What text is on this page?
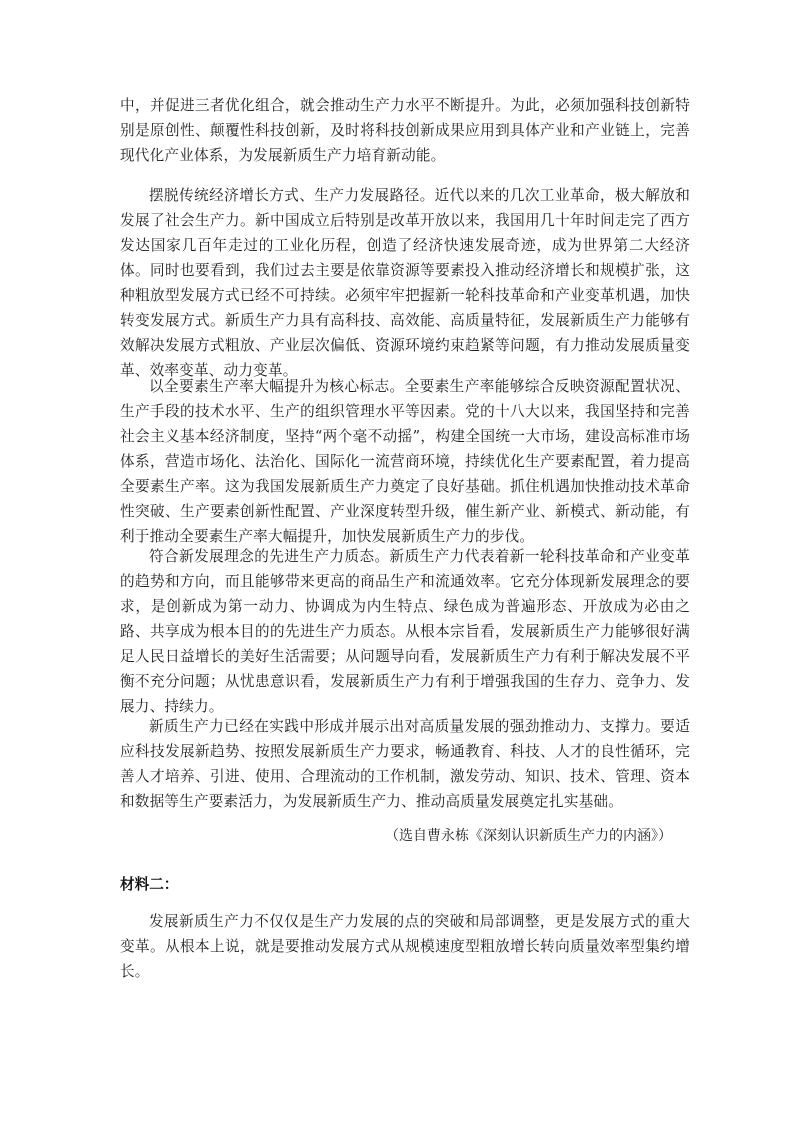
中，并促进三者优化组合，就会推动生产力水平不断提升。为此，必须加强科技创新特别是原创性、颠覆性科技创新，及时将科技创新成果应用到具体产业和产业链上，完善现代化产业体系，为发展新质生产力培育新动能。

摆脱传统经济增长方式、生产力发展路径。近代以来的几次工业革命，极大解放和发展了社会生产力。新中国成立后特别是改革开放以来，我国用几十年时间走完了西方发达国家几百年走过的工业化历程，创造了经济快速发展奇迹，成为世界第二大经济体。同时也要看到，我们过去主要是依靠资源等要素投入推动经济增长和规模扩张，这种粗放型发展方式已经不可持续。必须牢牢把握新一轮科技革命和产业变革机遇，加快转变发展方式。新质生产力具有高科技、高效能、高质量特征，发展新质生产力能够有效解决发展方式粗放、产业层次偏低、资源环境约束趋紧等问题，有力推动发展质量变革、效率变革、动力变革。

以全要素生产率大幅提升为核心标志。全要素生产率能够综合反映资源配置状况、生产手段的技术水平、生产的组织管理水平等因素。党的十八大以来，我国坚持和完善社会主义基本经济制度，坚持“两个毫不动摇”，构建全国统一大市场，建设高标准市场体系，营造市场化、法治化、国际化一流营商环境，持续优化生产要素配置，着力提高全要素生产率。这为我国发展新质生产力奠定了良好基础。抓住机遇加快推动技术革命性突破、生产要素创新性配置、产业深度转型升级，催生新产业、新模式、新动能，有利于推动全要素生产率大幅提升，加快发展新质生产力的步伐。

符合新发展理念的先进生产力质态。新质生产力代表着新一轮科技革命和产业变革的趋势和方向，而且能够带来更高的商品生产和流通效率。它充分体现新发展理念的要求，是创新成为第一动力、协调成为内生特点、绿色成为普遍形态、开放成为必由之路、共享成为根本目的的先进生产力质态。从根本宗旨看，发展新质生产力能够很好满足人民日益增长的美好生活需要；从问题导向看，发展新质生产力有利于解决发展不平衡不充分问题；从忧患意识看，发展新质生产力有利于增强我国的生存力、竞争力、发展力、持续力。

新质生产力已经在实践中形成并展示出对高质量发展的强劲推动力、支撑力。要适应科技发展新趋势、按照发展新质生产力要求，畅通教育、科技、人才的良性循环，完善人才培养、引进、使用、合理流动的工作机制，激发劳动、知识、技术、管理、资本和数据等生产要素活力，为发展新质生产力、推动高质量发展奠定扎实基础。

（选自曹永栋《深刻认识新质生产力的内涵》）

材料二：

发展新质生产力不仅仅是生产力发展的点的突破和局部调整，更是发展方式的重大变革。从根本上说，就是要推动发展方式从规模速度型粗放增长转向质量效率型集约增长。
